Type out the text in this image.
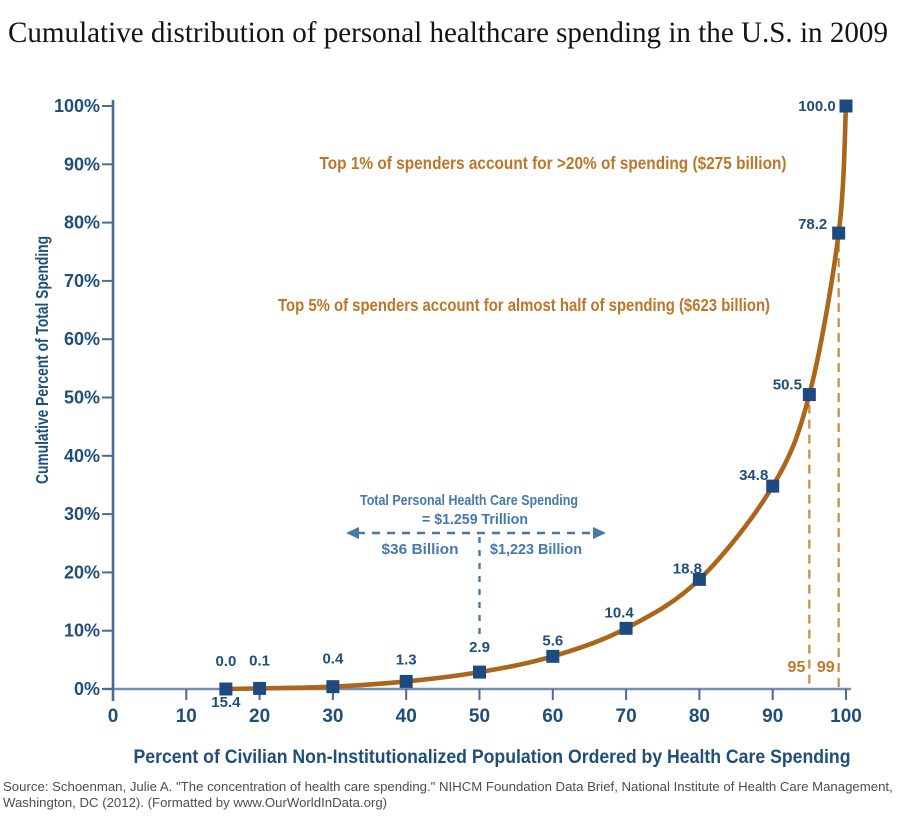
Cumulative distribution of personal healthcare spending in the U.S. in 2009
Percent of Civilian Non-Institutionalized Population Ordered by Health Care Spending
Cumulative Percent of Total Spending
0	10	20	30	40	50	60	70	80	90 100
0%
10%
20%
30%
40%
50%
60%
70%
80%
90%
100%
95 99
Total Personal Health Care Spending
= $1.259 Trillion
$36 Billion $1,223 Billion
Top 1% of spenders account for >20% of spending ($275 billion)
Top 5% of spenders account for almost half of spending ($623 billion)
0.0 0.1	0.4	1.3
2.9	5.6
10.4
18.8
34.8
50.5
78.2
100.0
15.4
Source: Schoenman, Julie A. "The concentration of health care spending." NIHCM Foundation Data Brief, National Institute of Health Care Management,
Washington, DC (2012). (Formatted by www.OurWorldInData.org)
